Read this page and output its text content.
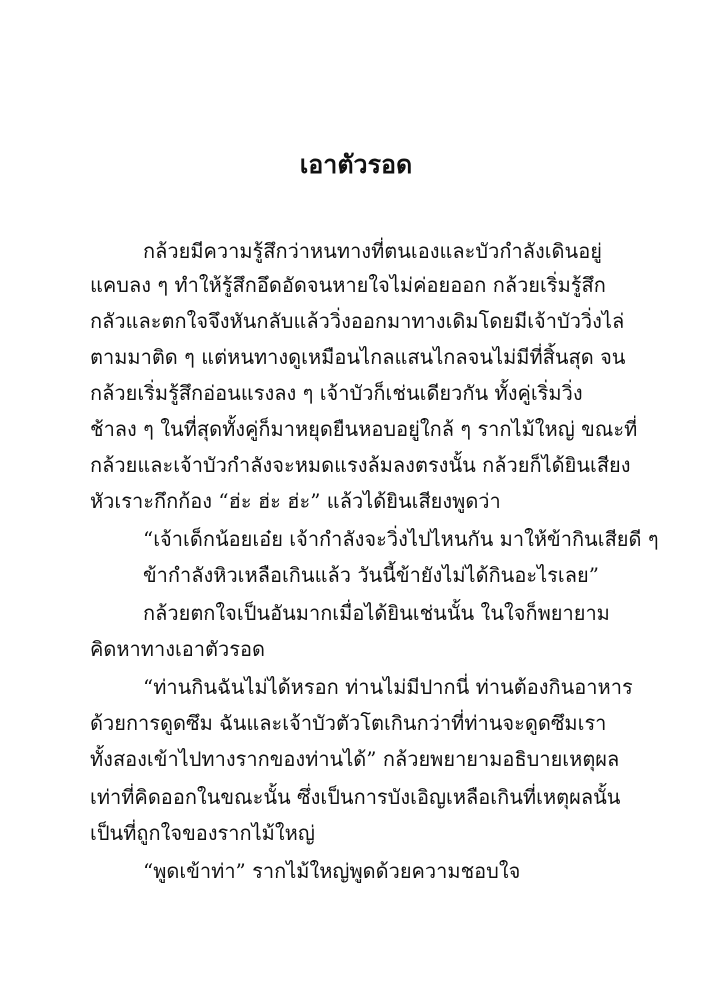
เอาตัวรอด
กล้วยมีความรู้สึกว่าหนทางที่ตนเองและบัวกำลังเดินอยู่
แคบลง ๆ ทำให้รู้สึกอึดอัดจนหายใจไม่ค่อยออก กล้วยเริ่มรู้สึก
กลัวและตกใจจึงหันกลับแล้ววิ่งออกมาทางเดิมโดยมีเจ้าบัววิ่งไล่
ตามมาติด ๆ แต่หนทางดูเหมือนไกลแสนไกลจนไม่มีที่สิ้นสุด จน
กล้วยเริ่มรู้สึกอ่อนแรงลง ๆ เจ้าบัวก็เช่นเดียวกัน ทั้งคู่เริ่มวิ่ง
ช้าลง ๆ ในที่สุดทั้งคู่ก็มาหยุดยืนหอบอยู่ใกล้ ๆ รากไม้ใหญ่ ขณะที่
กล้วยและเจ้าบัวกำลังจะหมดแรงล้มลงตรงนั้น กล้วยก็ได้ยินเสียง
หัวเราะกึกก้อง “ฮ่ะ ฮ่ะ ฮ่ะ” แล้วได้ยินเสียงพูดว่า
“เจ้าเด็กน้อยเอ๋ย เจ้ากำลังจะวิ่งไปไหนกัน มาให้ข้ากินเสียดี ๆ
ข้ากำลังหิวเหลือเกินแล้ว วันนี้ข้ายังไม่ได้กินอะไรเลย”
กล้วยตกใจเป็นอันมากเมื่อได้ยินเช่นนั้น ในใจก็พยายาม
คิดหาทางเอาตัวรอด
“ท่านกินฉันไม่ได้หรอก ท่านไม่มีปากนี่ ท่านต้องกินอาหาร
ด้วยการดูดซึม ฉันและเจ้าบัวตัวโตเกินกว่าที่ท่านจะดูดซึมเรา
ทั้งสองเข้าไปทางรากของท่านได้” กล้วยพยายามอธิบายเหตุผล
เท่าที่คิดออกในขณะนั้น ซึ่งเป็นการบังเอิญเหลือเกินที่เหตุผลนั้น
เป็นที่ถูกใจของรากไม้ใหญ่
“พูดเข้าท่า” รากไม้ใหญ่พูดด้วยความชอบใจ
